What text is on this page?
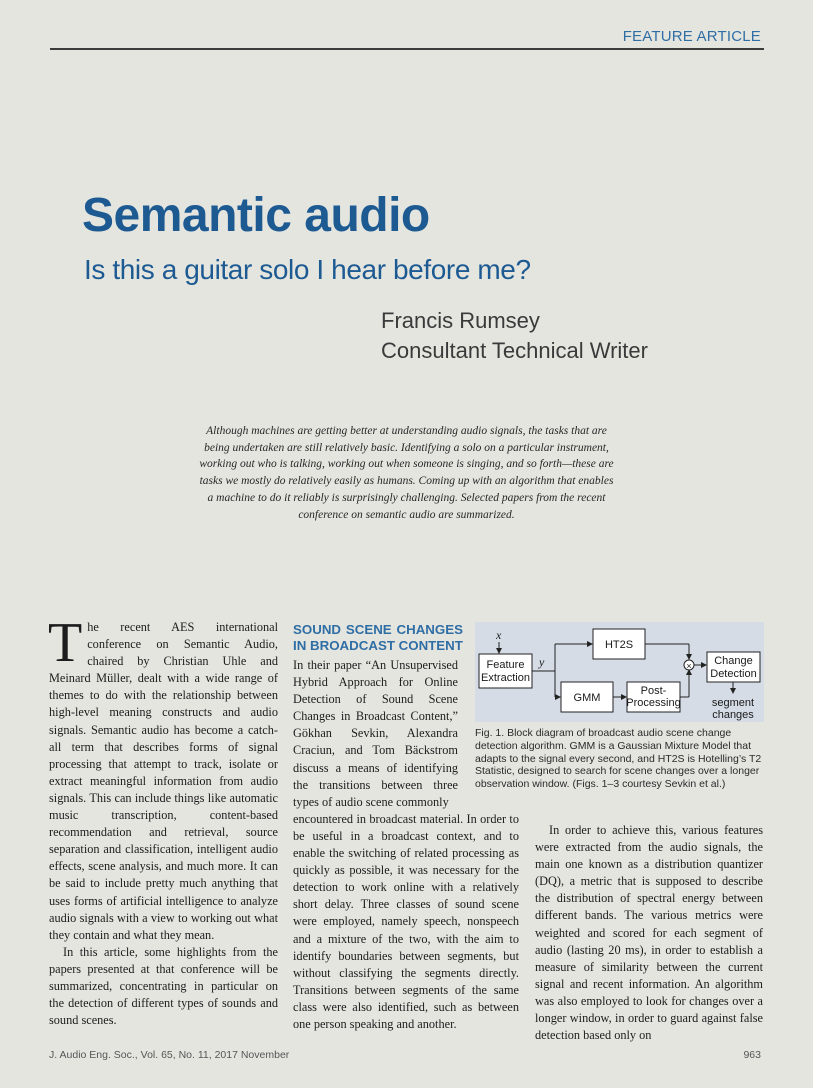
FEATURE ARTICLE
Semantic audio
Is this a guitar solo I hear before me?
Francis Rumsey
Consultant Technical Writer
Although machines are getting better at understanding audio signals, the tasks that are being undertaken are still relatively basic. Identifying a solo on a particular instrument, working out who is talking, working out when someone is singing, and so forth—these are tasks we mostly do relatively easily as humans. Coming up with an algorithm that enables a machine to do it reliably is surprisingly challenging. Selected papers from the recent conference on semantic audio are summarized.

The recent AES international conference on Semantic Audio, chaired by Christian Uhle and Meinard Müller, dealt with a wide range of themes to do with the relationship between high-level meaning constructs and audio signals. Semantic audio has become a catch-all term that describes forms of signal processing that attempt to track, isolate or extract meaningful information from audio signals. This can include things like automatic music transcription, content-based recommendation and retrieval, source separation and classification, intelligent audio effects, scene analysis, and much more. It can be said to include pretty much anything that uses forms of artificial intelligence to analyze audio signals with a view to working out what they contain and what they mean.

In this article, some highlights from the papers presented at that conference will be summarized, concentrating in particular on the detection of different types of sounds and sound scenes.

SOUND SCENE CHANGES IN BROADCAST CONTENT

In their paper “An Unsupervised Hybrid Approach for Online Detection of Sound Scene Changes in Broadcast Content,” Gökhan Sevkin, Alexandra Craciun, and Tom Bäckstrom discuss a means of identifying the transitions between three types of audio scene commonly

encountered in broadcast material. In order to be useful in a broadcast context, and to enable the switching of related processing as quickly as possible, it was necessary for the detection to work online with a relatively short delay. Three classes of sound scene were employed, namely speech, nonspeech and a mixture of the two, with the aim to identify boundaries between segments, but without classifying the segments directly. Transitions between segments of the same class were also identified, such as between one person speaking and another.

x
Feature
Extraction
y
HT2S
GMM
Post-
Processing
× Change
Detection
segment
changes
Fig. 1. Block diagram of broadcast audio scene change detection algorithm. GMM is a Gaussian Mixture Model that adapts to the signal every second, and HT2S is Hotelling’s T2 Statistic, designed to search for scene changes over a longer observation window. (Figs. 1–3 courtesy Sevkin et al.)

In order to achieve this, various features were extracted from the audio signals, the main one known as a distribution quantizer (DQ), a metric that is supposed to describe the distribution of spectral energy between different bands. The various metrics were weighted and scored for each segment of audio (lasting 20 ms), in order to establish a measure of similarity between the current signal and recent information. An algorithm was also employed to look for changes over a longer window, in order to guard against false detection based only on

J. Audio Eng. Soc., Vol. 65, No. 11, 2017 November	963
